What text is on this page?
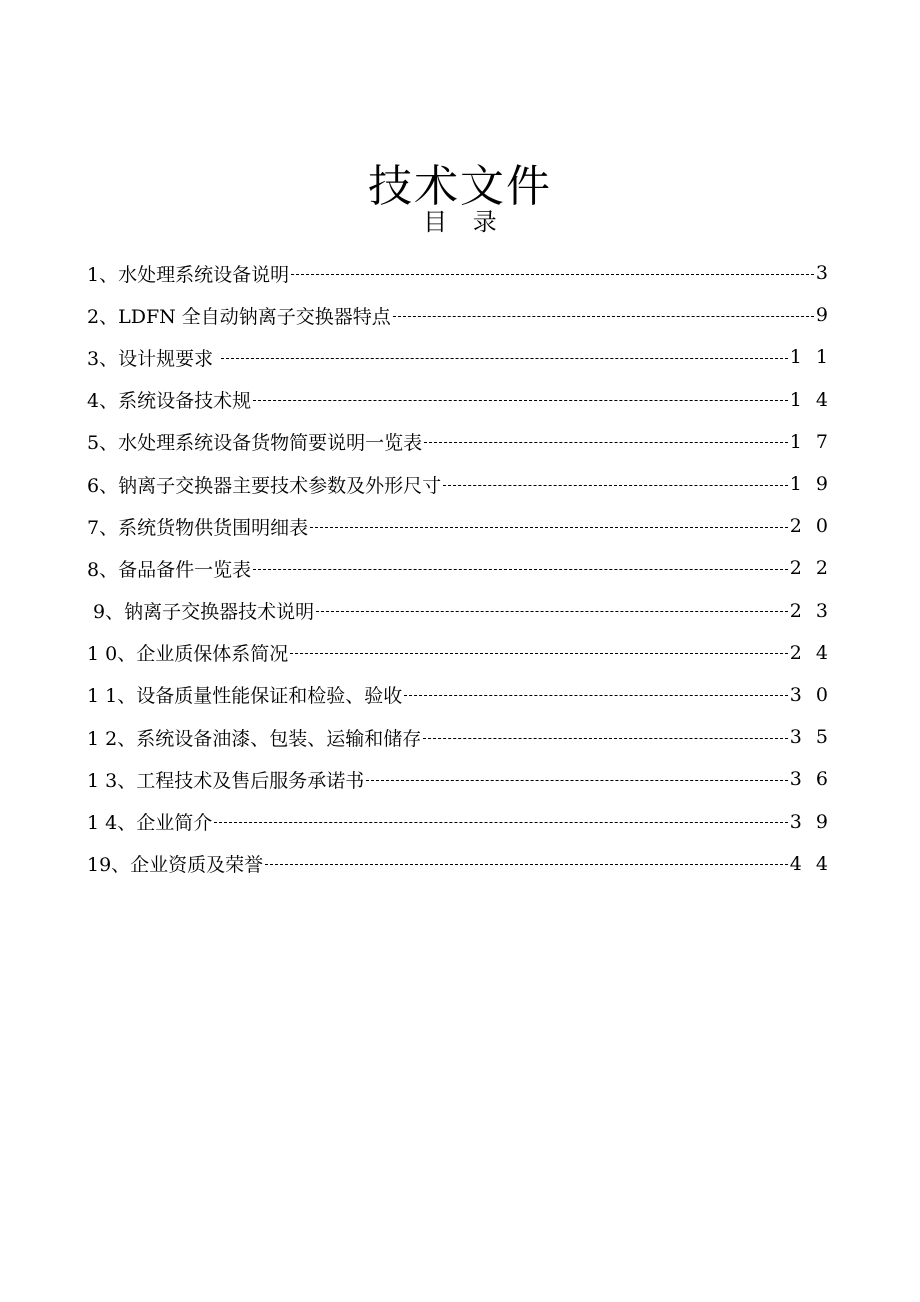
技术文件
目 录
1、水处理系统设备说明	3
2、LDFN 全自动钠离子交换器特点	9
3、设计规要求	1 1
4、系统设备技术规	1 4
5、水处理系统设备货物简要说明一览表	1 7
6、钠离子交换器主要技术参数及外形尺寸	1 9
7、系统货物供货围明细表	2 0
8、备品备件一览表	2 2
9、钠离子交换器技术说明	2 3
1 0、企业质保体系简况	2 4
1 1、设备质量性能保证和检验、验收	3 0
1 2、系统设备油漆、包装、运输和储存	3 5
1 3、工程技术及售后服务承诺书	3 6
1 4、企业简介	3 9
19、企业资质及荣誉	4 4
